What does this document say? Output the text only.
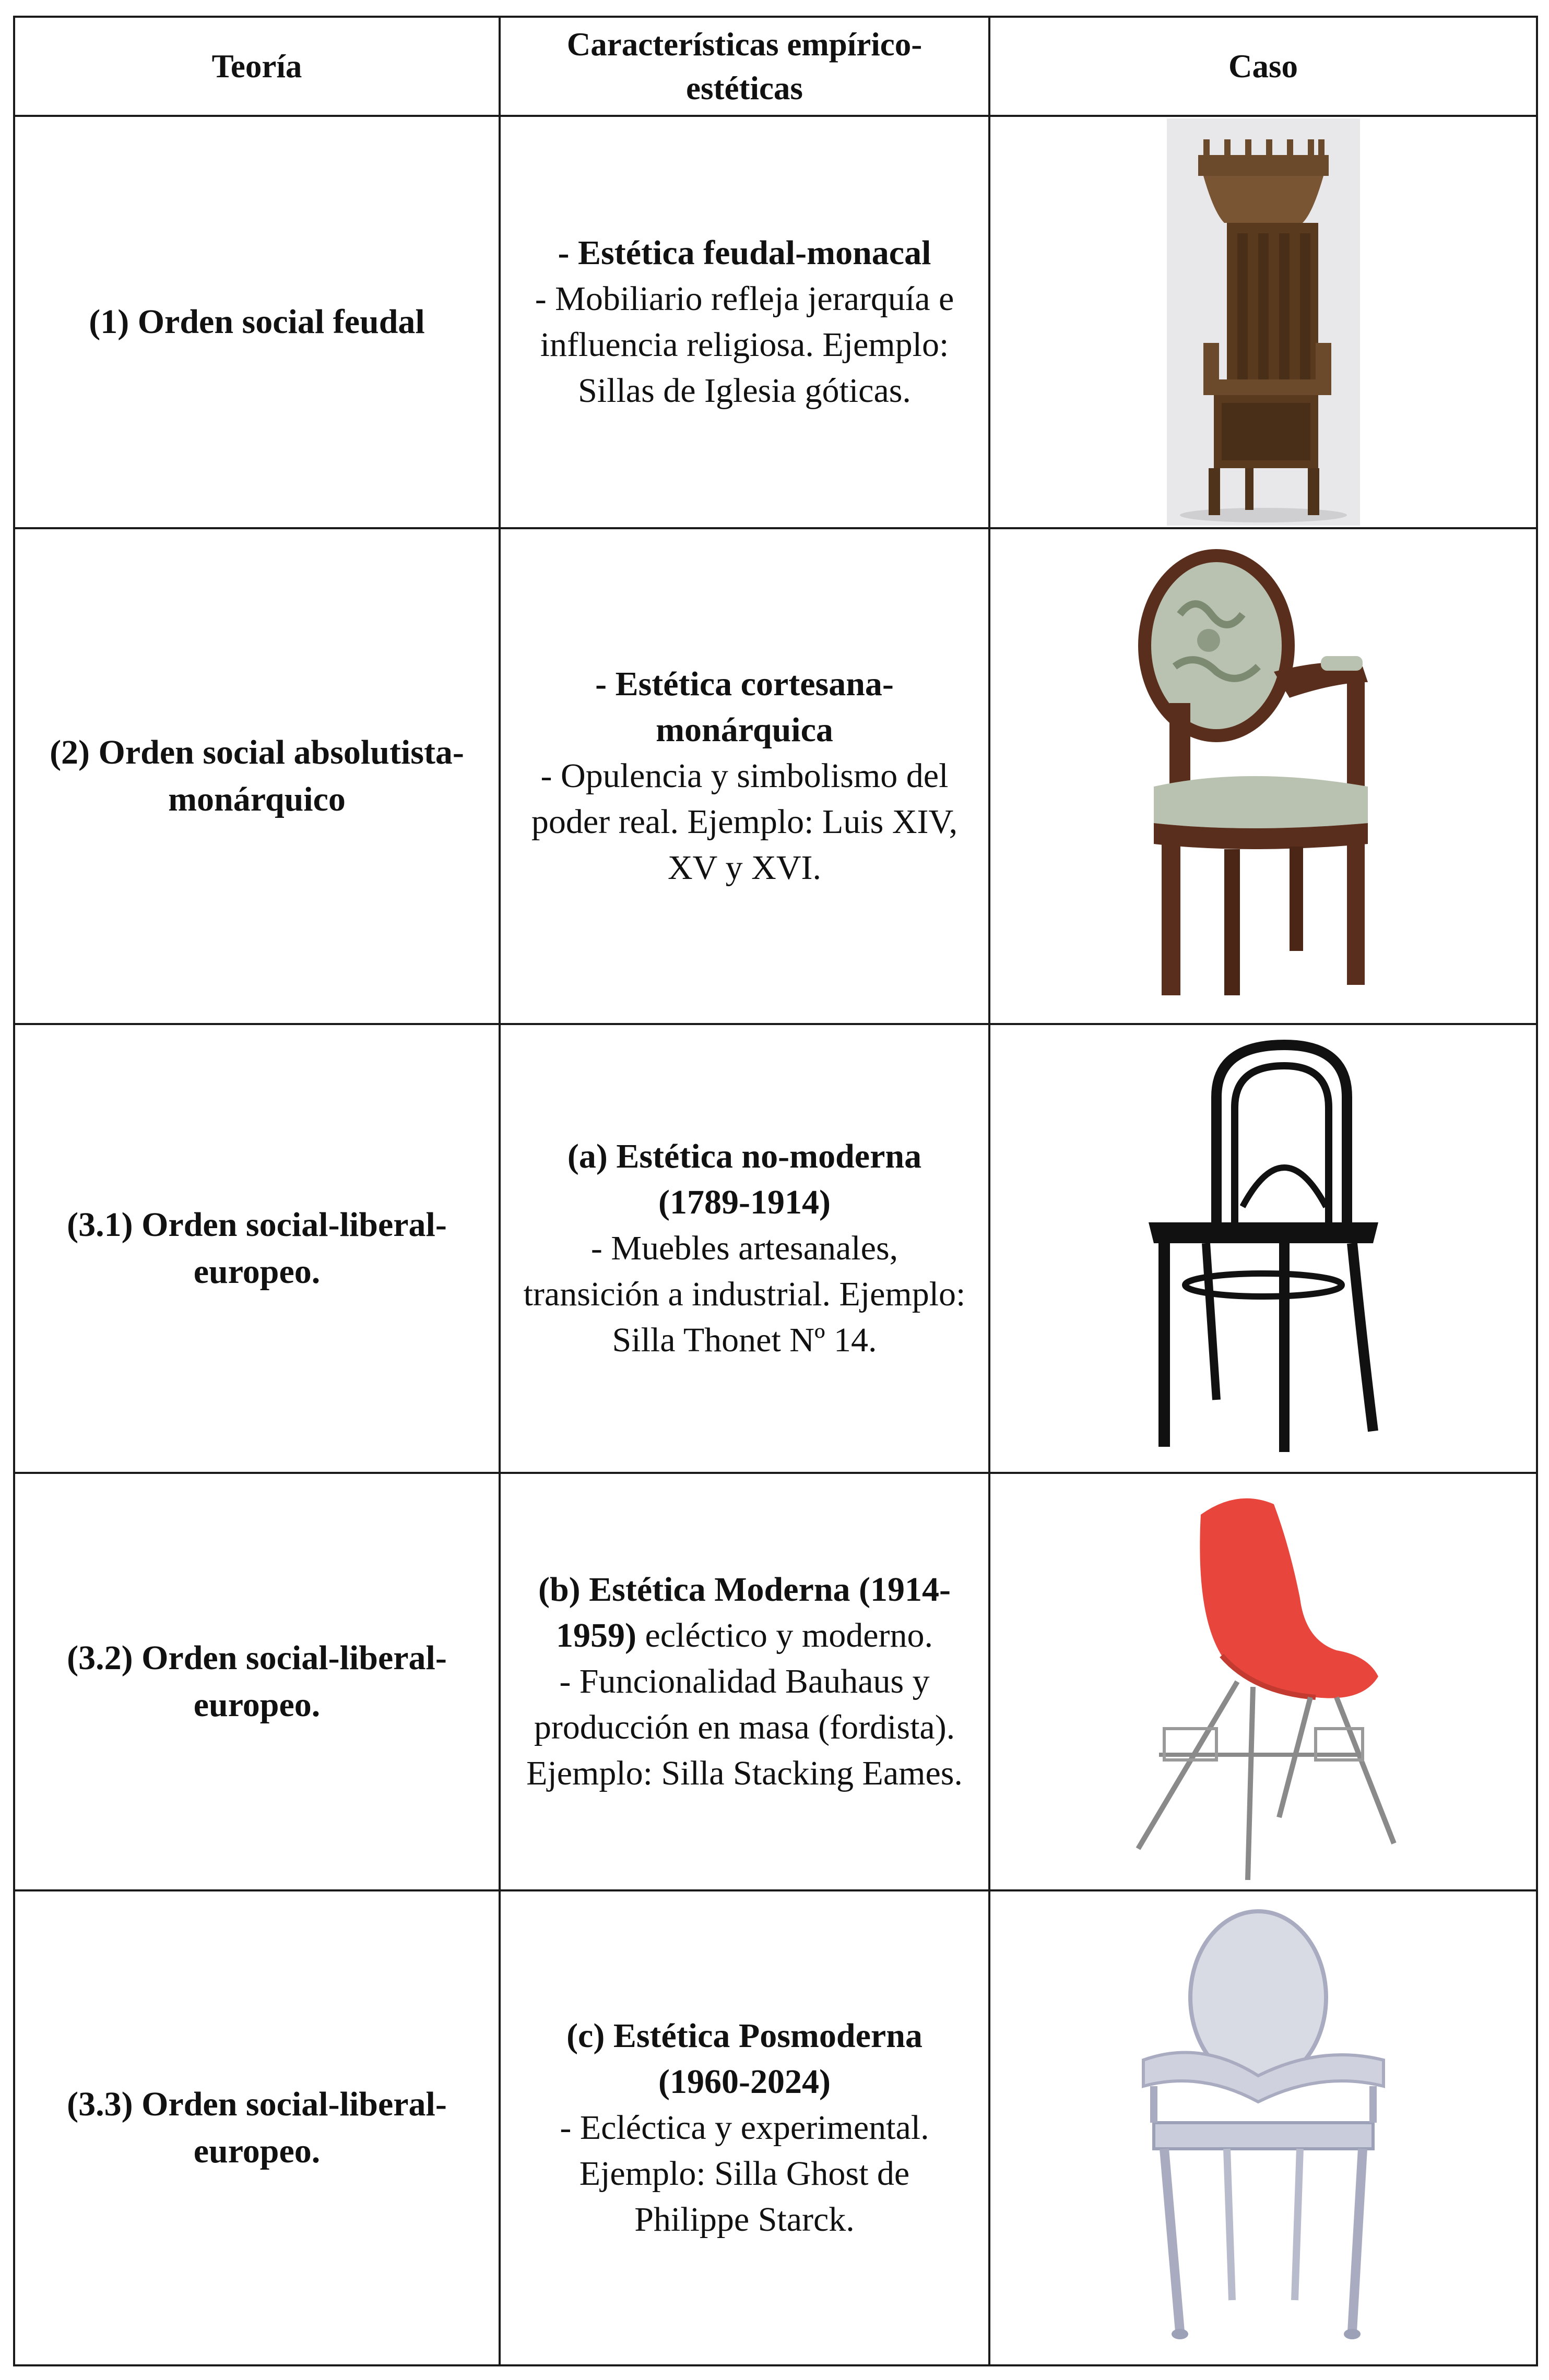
Teoría	Características empírico-estéticas	Caso
(1) Orden social feudal	- Estética feudal-monacal
- Mobiliario refleja jerarquía e influencia religiosa. Ejemplo: Sillas de Iglesia góticas.	

(2) Orden social absolutista-monárquico	- Estética cortesana-monárquica
- Opulencia y simbolismo del poder real. Ejemplo: Luis XIV, XV y XVI.	

(3.1) Orden social-liberal-europeo.	(a) Estética no-moderna (1789-1914)
- Muebles artesanales, transición a industrial. Ejemplo: Silla Thonet Nº 14.	

(3.2) Orden social-liberal-europeo.	(b) Estética Moderna (1914-1959) ecléctico y moderno.
- Funcionalidad Bauhaus y producción en masa (fordista). Ejemplo: Silla Stacking Eames.	

(3.3) Orden social-liberal-europeo.	(c) Estética Posmoderna (1960-2024)
- Ecléctica y experimental. Ejemplo: Silla Ghost de Philippe Starck.	
